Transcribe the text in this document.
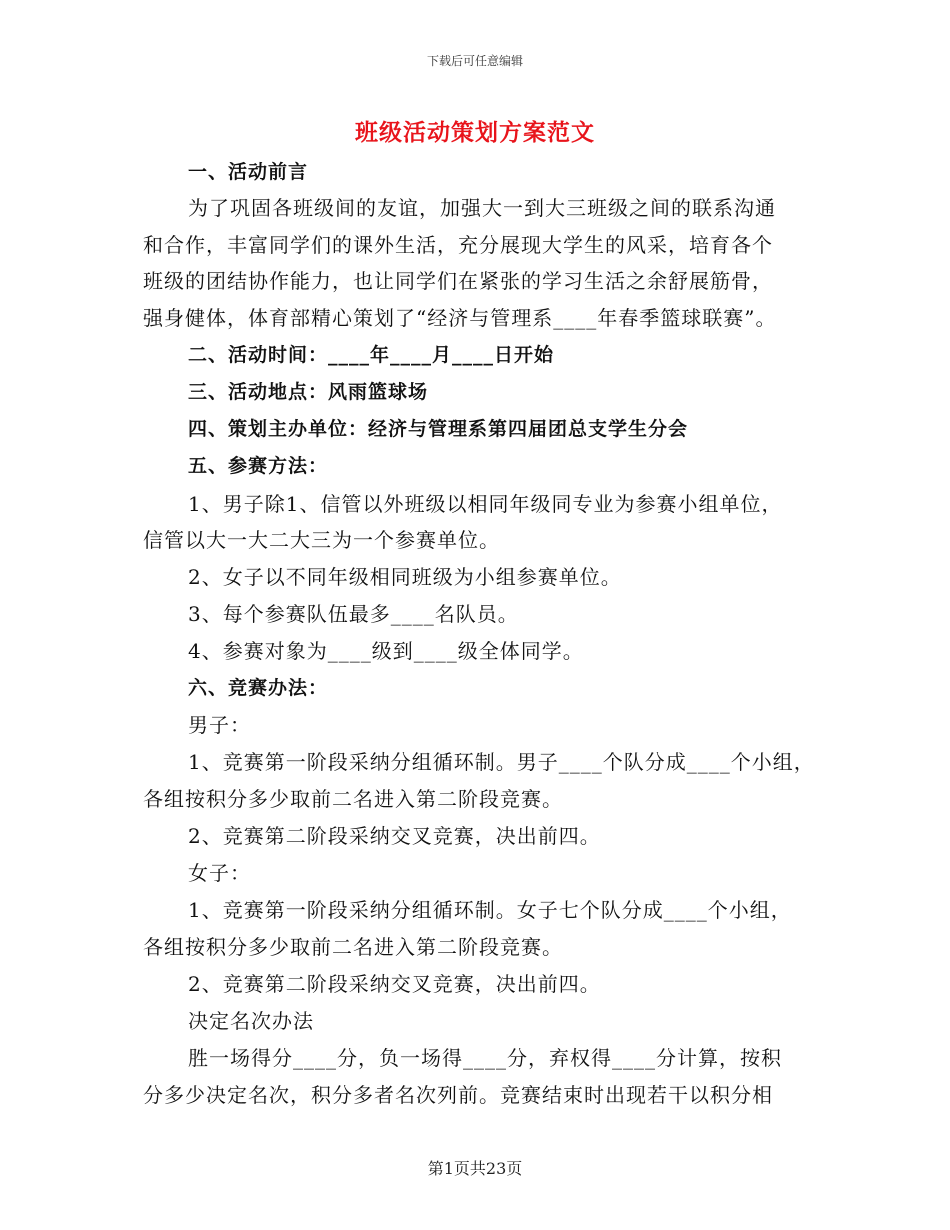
下载后可任意编辑
班级活动策划方案范文
一、活动前言
为了巩固各班级间的友谊，加强大一到大三班级之间的联系沟通
和合作，丰富同学们的课外生活，充分展现大学生的风采，培育各个
班级的团结协作能力，也让同学们在紧张的学习生活之余舒展筋骨，
强身健体，体育部精心策划了“经济与管理系____年春季篮球联赛”。
二、活动时间：____年____月____日开始
三、活动地点：风雨篮球场
四、策划主办单位：经济与管理系第四届团总支学生分会
五、参赛方法：
1、男子除1、信管以外班级以相同年级同专业为参赛小组单位，
信管以大一大二大三为一个参赛单位。
2、女子以不同年级相同班级为小组参赛单位。
3、每个参赛队伍最多____名队员。
4、参赛对象为____级到____级全体同学。
六、竞赛办法：
男子：
1、竞赛第一阶段采纳分组循环制。男子____个队分成____个小组，
各组按积分多少取前二名进入第二阶段竞赛。
2、竞赛第二阶段采纳交叉竞赛，决出前四。
女子：
1、竞赛第一阶段采纳分组循环制。女子七个队分成____个小组，
各组按积分多少取前二名进入第二阶段竞赛。
2、竞赛第二阶段采纳交叉竞赛，决出前四。
决定名次办法
胜一场得分____分，负一场得____分，弃权得____分计算，按积
分多少决定名次，积分多者名次列前。竞赛结束时出现若干以积分相
第1页共23页
